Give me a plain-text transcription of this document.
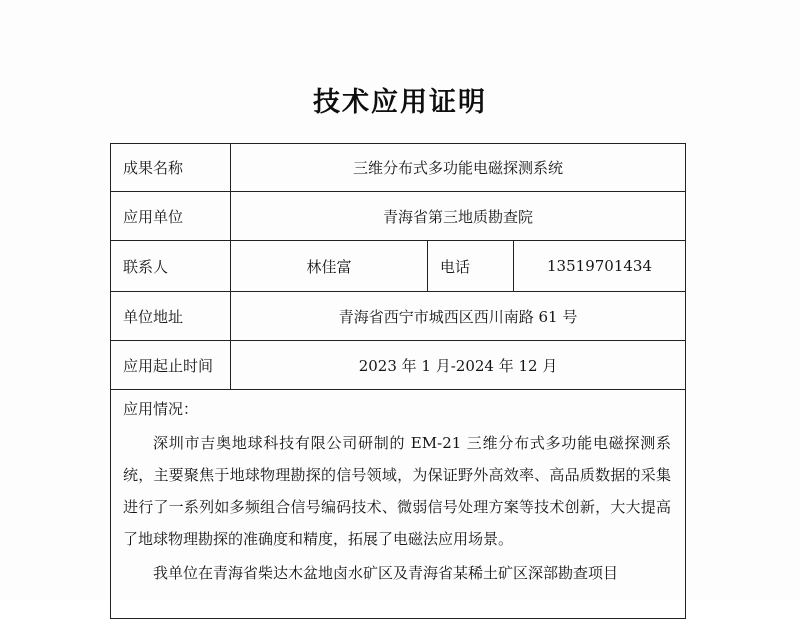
技术应用证明
成果名称	三维分布式多功能电磁探测系统		
应用单位	青海省第三地质勘查院		
联系人	林佳富	电话	13519701434
单位地址	青海省西宁市城西区西川南路 61 号		
应用起止时间	2023 年 1 月-2024 年 12 月		

应用情况：

深圳市吉奥地球科技有限公司研制的 EM-21 三维分布式多功能电磁探测系统，主要聚焦于地球物理勘探的信号领域，为保证野外高效率、高品质数据的采集进行了一系列如多频组合信号编码技术、微弱信号处理方案等技术创新，大大提高了地球物理勘探的准确度和精度，拓展了电磁法应用场景。

我单位在青海省柴达木盆地卤水矿区及青海省某稀土矿区深部勘查项目			
